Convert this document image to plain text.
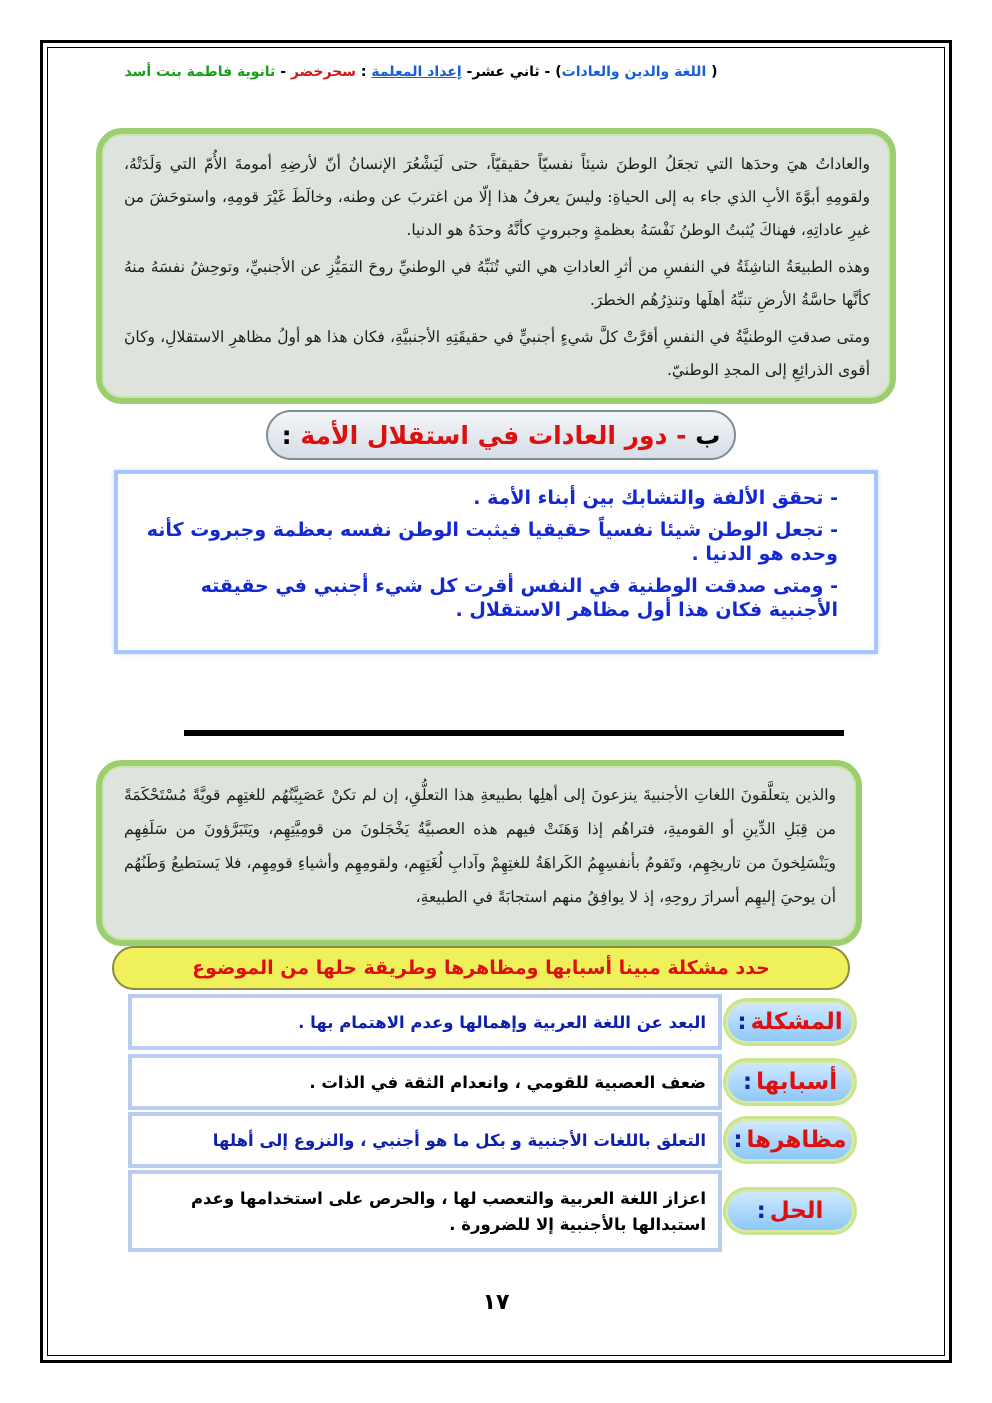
( اللغة والدين والعادات) - ثاني عشر- إعداد المعلمة : سحرخضر - ثانوية فاطمة بنت أسد

والعاداتُ هيَ وحدَها التي تجعَلُ الوطنَ شيئاً نفسيّاً حقيقيّاً، حتى لَيَشْعُرَ الإنسانُ أنّ لأرضِهِ أمومةَ الأُمّ التي وَلَدَتْهُ، ولقومِهِ أبوَّةَ الأبِ الذي جاء به إلى الحياةِ: وليسَ يعرفُ هذا إلّا من اغتربَ عن وطنه، وخالَطَ غَيْرَ قومِهِ، واستوحَشَ من غيرِ عاداتِهِ، فهناكَ يُثبتُ الوطنُ نَفْسَهُ بعظمةٍ وجبروتٍ كأنَّهُ وحدَهُ هو الدنيا.

وهذه الطبيعَةُ الناشِئَةُ في النفسِ من أثرِ العاداتِ هي التي تُنَبِّهُ في الوطنيِّ روحَ التمَيُّزِ عن الأجنبيِّ، وتوحِشُ نفسَهُ منهُ كأنَّها حاسَّةُ الأرضِ تنبِّهُ أهلَها وتنذِرُهُم الخطرَ.

ومتى صدقتِ الوطنيَّةُ في النفسِ أقرَّتْ كلَّ شيءٍ أجنبيٍّ في حقيقَتِهِ الأجنبيَّةِ، فكان هذا هو أولُ مظاهرِ الاستقلالِ، وكانَ أقوى الذرائِعِ إلى المجدِ الوطنيّ.

ب - دور العادات في استقلال الأمة :
- تحقق الألفة والتشابك بين أبناء الأمة .
- تجعل الوطن شيئا نفسياً حقيقيا فيثبت الوطن نفسه بعظمة وجبروت كأنه وحده هو الدنيا .
- ومتى صدقت الوطنية في النفس أقرت كل شيء أجنبي في حقيقته الأجنبية فكان هذا أول مظاهر الاستقلال .
والذين يتعلَّقونَ اللغاتِ الأجنبيةَ ينزعونَ إلى أهلِها بطبيعةِ هذا التعلُّقِ، إن لم تكنْ عَصَبِيَّتُهُم للغتِهِم قويَّةً مُسْتَحْكَمَةً من قِبَلِ الدِّينِ أو القوميةِ، فتراهُم إذا وَهَنَتْ فيهم هذه العصبيَّةُ يَخْجَلونَ من قومِيَّتِهِم، ويَتَبَرَّؤونَ من سَلَفِهِم ويَنْسَلِخونَ من تاريخِهِم، وتَقومُ بأنفسِهِمُ الكَراهَةُ للغتِهِمْ وآدابِ لُغَتِهِم، ولقومِهِم وأشياءِ قومِهِم، فلا يَستطيعُ وَطَنُهُم أن يوحيَ إليهِم أسرارَ روحِهِ، إذ لا يوافِقُ منهم استجابَةً في الطبيعةِ،
حدد مشكلة مبينا أسبابها ومظاهرها وطريقة حلها من الموضوع
المشكلة
:
البعد عن اللغة العربية وإهمالها وعدم الاهتمام بها .
أسبابها
:
ضعف العصبية للقومي ، وانعدام الثقة في الذات .
مظاهرها
:
التعلق باللغات الأجنبية و بكل ما هو أجنبي ، والنزوع إلى أهلها
الحل
:
اعزاز اللغة العربية والتعصب لها ، والحرص على استخدامها وعدم استبدالها بالأجنبية إلا للضرورة .
١٧
